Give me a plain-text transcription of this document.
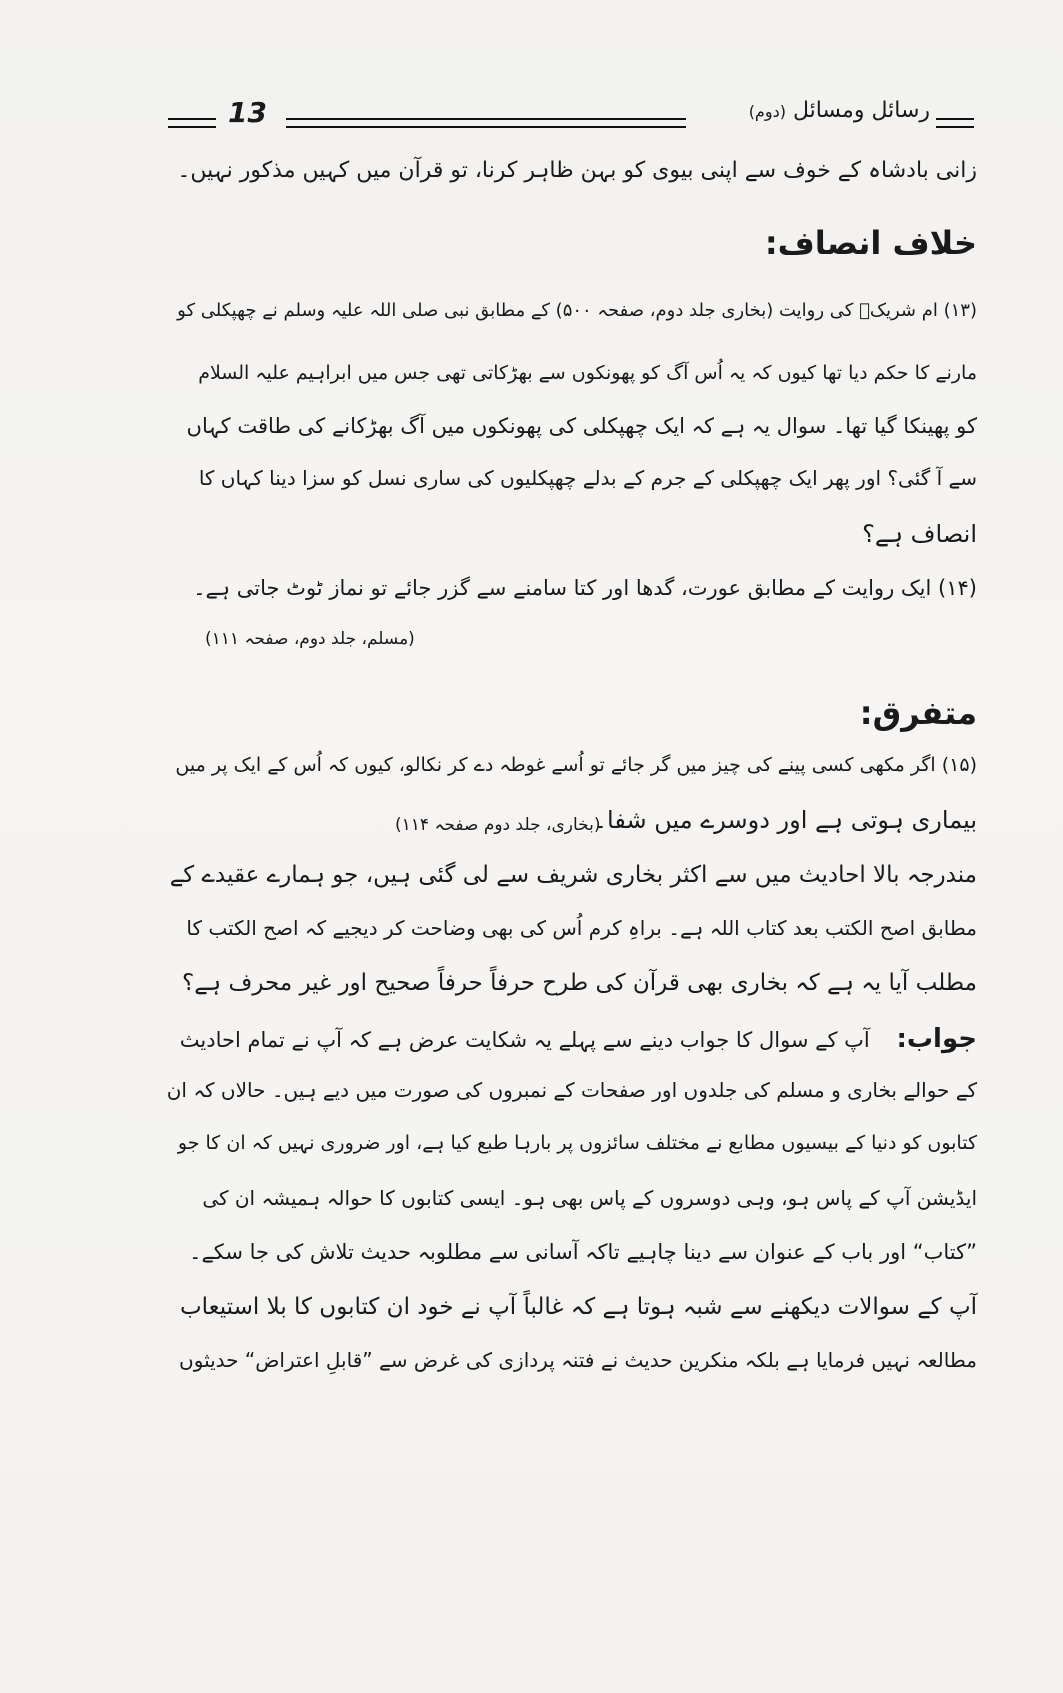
13	رسائل ومسائل (دوم)
زانی بادشاہ کے خوف سے اپنی بیوی کو بہن ظاہر کرنا، تو قرآن میں کہیں مذکور نہیں۔
خلاف انصاف:
(۱۳) ام شریکؓ کی روایت (بخاری جلد دوم، صفحہ ۵۰۰) کے مطابق نبی صلی اللہ علیہ وسلم نے چھپکلی کو
مارنے کا حکم دیا تھا کیوں کہ یہ اُس آگ کو پھونکوں سے بھڑکاتی تھی جس میں ابراہیم علیہ السلام
کو پھینکا گیا تھا۔ سوال یہ ہے کہ ایک چھپکلی کی پھونکوں میں آگ بھڑکانے کی طاقت کہاں
سے آ گئی؟ اور پھر ایک چھپکلی کے جرم کے بدلے چھپکلیوں کی ساری نسل کو سزا دینا کہاں کا
انصاف ہے؟
(۱۴) ایک روایت کے مطابق عورت، گدھا اور کتا سامنے سے گزر جائے تو نماز ٹوٹ جاتی ہے۔
(مسلم، جلد دوم، صفحہ ۱۱۱)
متفرق:
(۱۵) اگر مکھی کسی پینے کی چیز میں گر جائے تو اُسے غوطہ دے کر نکالو، کیوں کہ اُس کے ایک پر میں
بیماری ہوتی ہے اور دوسرے میں شفا۔
(بخاری، جلد دوم صفحہ ۱۱۴)
مندرجہ بالا احادیث میں سے اکثر بخاری شریف سے لی گئی ہیں، جو ہمارے عقیدے کے
مطابق اصح الکتب بعد کتاب اللہ ہے۔ براہِ کرم اُس کی بھی وضاحت کر دیجیے کہ اصح الکتب کا
مطلب آیا یہ ہے کہ بخاری بھی قرآن کی طرح حرفاً حرفاً صحیح اور غیر محرف ہے؟
جواب:    آپ کے سوال کا جواب دینے سے پہلے یہ شکایت عرض ہے کہ آپ نے تمام احادیث
کے حوالے بخاری و مسلم کی جلدوں اور صفحات کے نمبروں کی صورت میں دیے ہیں۔ حالاں کہ ان
کتابوں کو دنیا کے بیسیوں مطابع نے مختلف سائزوں پر بارہا طبع کیا ہے، اور ضروری نہیں کہ ان کا جو
ایڈیشن آپ کے پاس ہو، وہی دوسروں کے پاس بھی ہو۔ ایسی کتابوں کا حوالہ ہمیشہ ان کی
”کتاب“ اور باب کے عنوان سے دینا چاہیے تاکہ آسانی سے مطلوبہ حدیث تلاش کی جا سکے۔
آپ کے سوالات دیکھنے سے شبہ ہوتا ہے کہ غالباً آپ نے خود ان کتابوں کا بلا استیعاب
مطالعہ نہیں فرمایا ہے بلکہ منکرین حدیث نے فتنہ پردازی کی غرض سے ”قابلِ اعتراض“ حدیثوں
